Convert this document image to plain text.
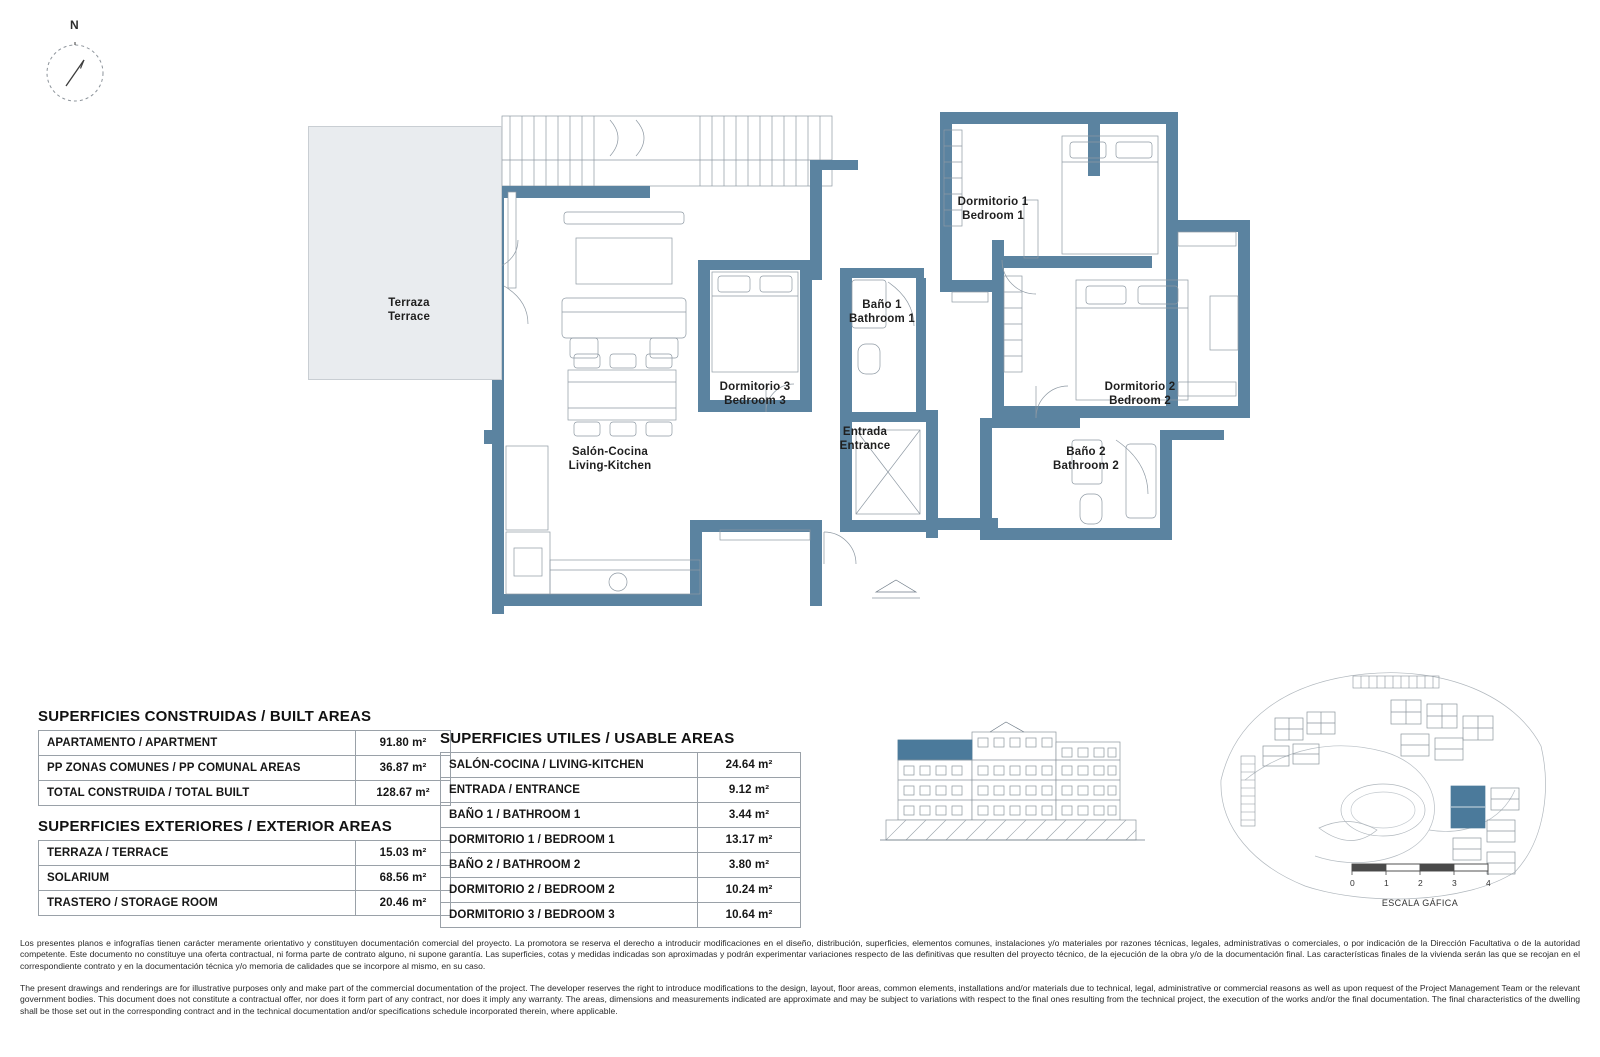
N
Terraza
Terrace
Salón-Cocina
Living-Kitchen
Dormitorio 3
Bedroom 3
Baño 1
Bathroom 1
Entrada
Entrance
Dormitorio 1
Bedroom 1
Dormitorio 2
Bedroom 2
Baño 2
Bathroom 2
SUPERFICIES CONSTRUIDAS / BUILT AREAS
APARTAMENTO / APARTMENT	91.80 m²
PP ZONAS COMUNES / PP COMUNAL AREAS	36.87 m²
TOTAL CONSTRUIDA / TOTAL BUILT	128.67 m²
SUPERFICIES EXTERIORES / EXTERIOR AREAS
TERRAZA / TERRACE	15.03 m²
SOLARIUM	68.56 m²
TRASTERO / STORAGE ROOM	20.46 m²
SUPERFICIES UTILES / USABLE AREAS
SALÓN-COCINA / LIVING-KITCHEN	24.64 m²
ENTRADA / ENTRANCE	9.12 m²
BAÑO 1 / BATHROOM 1	3.44 m²
DORMITORIO 1 / BEDROOM 1	13.17 m²
BAÑO 2 / BATHROOM 2	3.80 m²
DORMITORIO 2 / BEDROOM 2	10.24 m²
DORMITORIO 3 / BEDROOM 3	10.64 m²
0	1	2	3	4
ESCALA GÁFICA
Los presentes planos e infografías tienen carácter meramente orientativo y constituyen documentación comercial del proyecto. La promotora se reserva el derecho a introducir modificaciones en el diseño, distribución, superficies, elementos comunes, instalaciones y/o materiales por razones técnicas, legales, administrativas o comerciales, o por indicación de la Dirección Facultativa o de la autoridad competente. Este documento no constituye una oferta contractual, ni forma parte de contrato alguno, ni supone garantía. Las superficies, cotas y medidas indicadas son aproximadas y podrán experimentar variaciones respecto de las definitivas que resulten del proyecto técnico, de la ejecución de la obra y/o de la documentación final. Las características finales de la vivienda serán las que se recojan en el correspondiente contrato y en la documentación técnica y/o memoria de calidades que se incorpore al mismo, en su caso.
The present drawings and renderings are for illustrative purposes only and make part of the commercial documentation of the project. The developer reserves the right to introduce modifications to the design, layout, floor areas, common elements, installations and/or materials due to technical, legal, administrative or commercial reasons as well as upon request of the Project Management Team or the relevant government bodies. This document does not constitute a contractual offer, nor does it form part of any contract, nor does it imply any warranty. The areas, dimensions and measurements indicated are approximate and may be subject to variations with respect to the final ones resulting from the technical project, the execution of the works and/or the final documentation. The final characteristics of the dwelling shall be those set out in the corresponding contract and in the technical documentation and/or specifications schedule incorporated therein, where applicable.
